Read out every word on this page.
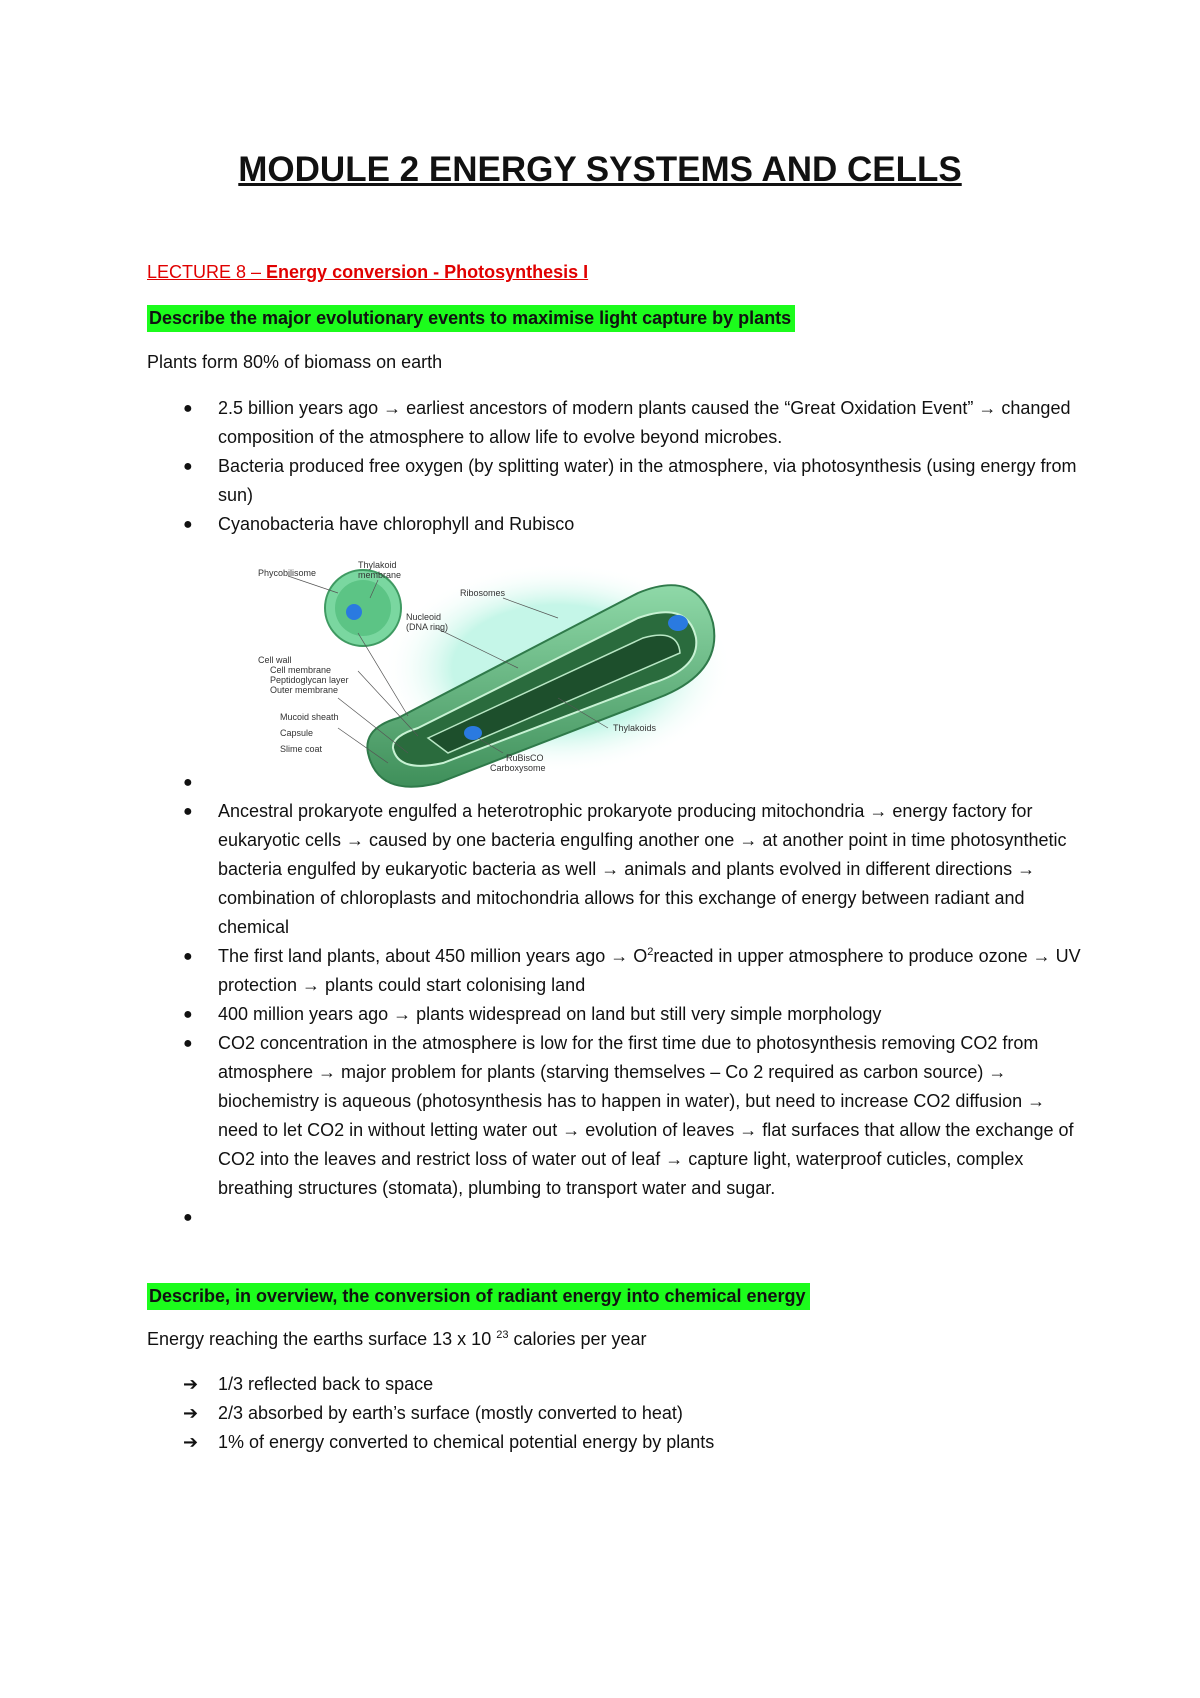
MODULE 2 ENERGY SYSTEMS AND CELLS

LECTURE 8 – Energy conversion - Photosynthesis I

Describe the major evolutionary events to maximise light capture by plants

Plants form 80% of biomass on earth

● 2.5 billion years ago → earliest ancestors of modern plants caused the “Great Oxidation Event” → changed composition of the atmosphere to allow life to evolve beyond microbes.
● Bacteria produced free oxygen (by splitting water) in the atmosphere, via photosynthesis (using energy from sun)
● Cyanobacteria have chlorophyll and Rubisco
Phycobilisome
Thylakoid
membrane
Ribosomes
Nucleoid
(DNA ring)
Cell wall
Cell membrane
Peptidoglycan layer
Outer membrane
Mucoid sheath
Capsule
Slime coat
Thylakoids
RuBisCO
Carboxysome
●
● Ancestral prokaryote engulfed a heterotrophic prokaryote producing mitochondria → energy factory for eukaryotic cells → caused by one bacteria engulfing another one → at another point in time photosynthetic bacteria engulfed by eukaryotic bacteria as well → animals and plants evolved in different directions → combination of chloroplasts and mitochondria allows for this exchange of energy between radiant and chemical
● The first land plants, about 450 million years ago → $O^2reacted$ in upper atmosphere to produce ozone → UV protection → plants could start colonising land
● 400 million years ago → plants widespread on land but still very simple morphology
● CO2 concentration in the atmosphere is low for the first time due to photosynthesis removing CO2 from atmosphere → major problem for plants (starving themselves – Co 2 required as carbon source) → biochemistry is aqueous (photosynthesis has to happen in water), but need to increase CO2 diffusion → need to let CO2 in without letting water out → evolution of leaves → flat surfaces that allow the exchange of CO2 into the leaves and restrict loss of water out of leaf → capture light, waterproof cuticles, complex breathing structures (stomata), plumbing to transport water and sugar.
●

Describe, in overview, the conversion of radiant energy into chemical energy

Energy reaching the earths surface 13 x 10 $^{23}$ calories per year

➔ 1/3 reflected back to space
➔ 2/3 absorbed by earth’s surface (mostly converted to heat)
➔ 1% of energy converted to chemical potential energy by plants
